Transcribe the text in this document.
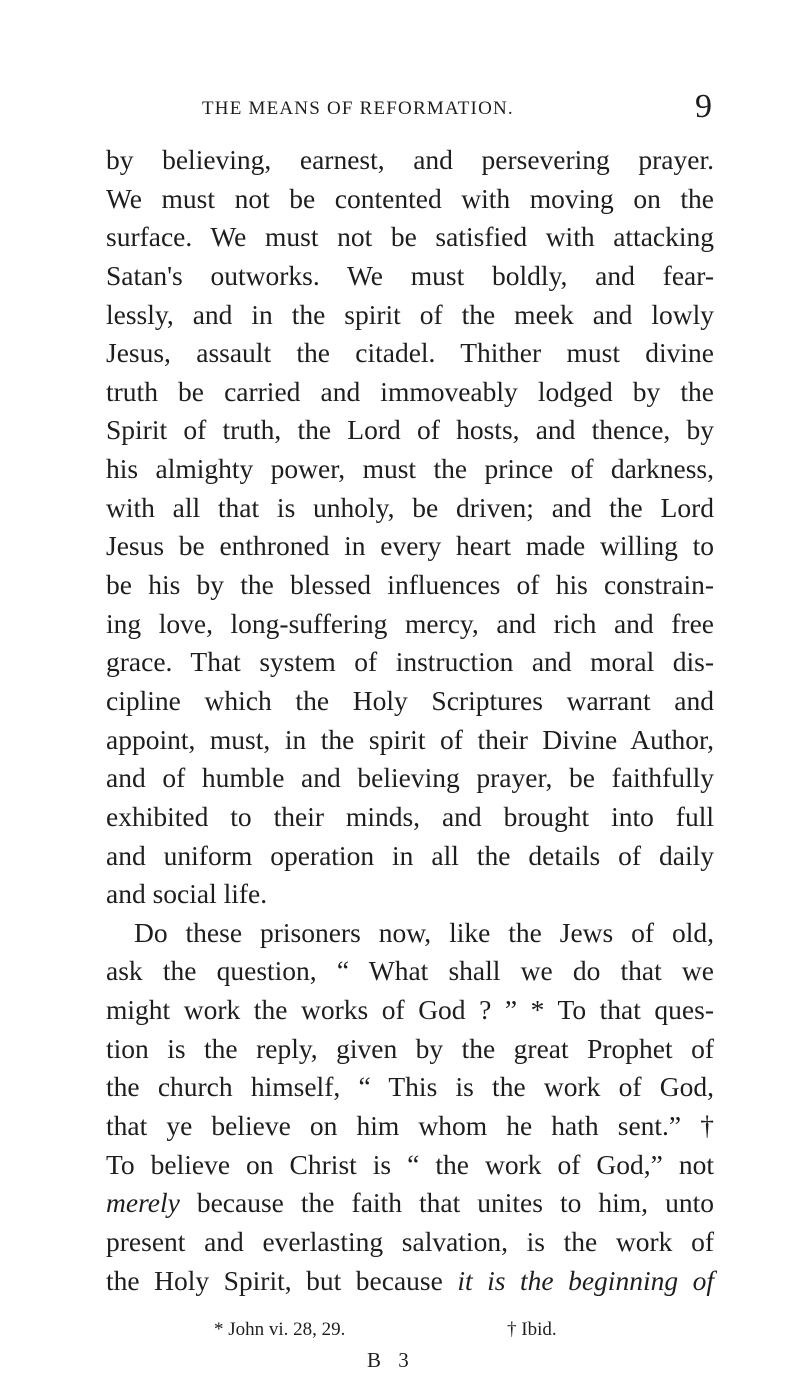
THE MEANS OF REFORMATION.	9
by believing, earnest, and persevering prayer.
We must not be contented with moving on the
surface. We must not be satisfied with attacking
Satan's outworks. We must boldly, and fear-
lessly, and in the spirit of the meek and lowly
Jesus, assault the citadel. Thither must divine
truth be carried and immoveably lodged by the
Spirit of truth, the Lord of hosts, and thence, by
his almighty power, must the prince of darkness,
with all that is unholy, be driven; and the Lord
Jesus be enthroned in every heart made willing to
be his by the blessed influences of his constrain-
ing love, long-suffering mercy, and rich and free
grace. That system of instruction and moral dis-
cipline which the Holy Scriptures warrant and
appoint, must, in the spirit of their Divine Author,
and of humble and believing prayer, be faithfully
exhibited to their minds, and brought into full
and uniform operation in all the details of daily
and social life.
Do these prisoners now, like the Jews of old,
ask the question, “ What shall we do that we
might work the works of God ? ” * To that ques-
tion is the reply, given by the great Prophet of
the church himself, “ This is the work of God,
that ye believe on him whom he hath sent.” †
To believe on Christ is “ the work of God,” not
merely because the faith that unites to him, unto
present and everlasting salvation, is the work of
the Holy Spirit, but because it is the beginning of
* John vi. 28, 29.	† Ibid.
B 3
